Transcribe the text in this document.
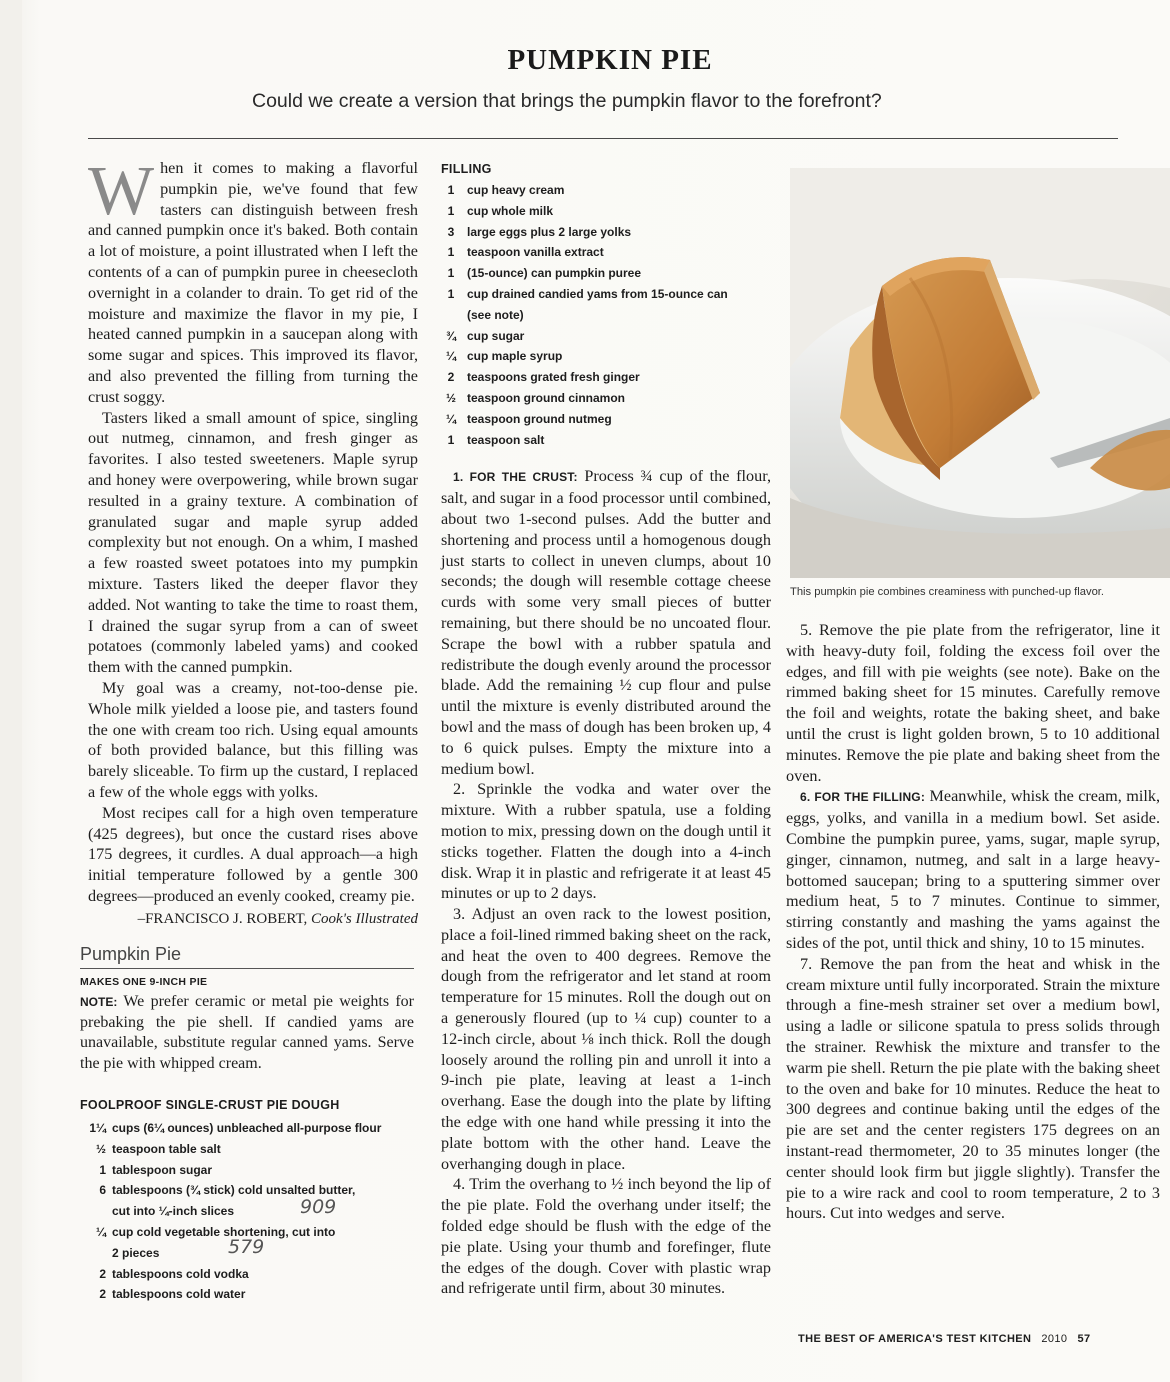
PUMPKIN PIE
Could we create a version that brings the pumpkin flavor to the forefront?

When it comes to making a flavorful pumpkin pie, we've found that few tasters can distinguish between fresh and canned pumpkin once it's baked. Both contain a lot of moisture, a point illustrated when I left the contents of a can of pumpkin puree in cheesecloth overnight in a colander to drain. To get rid of the moisture and maximize the flavor in my pie, I heated canned pumpkin in a saucepan along with some sugar and spices. This improved its flavor, and also prevented the filling from turning the crust soggy.

Tasters liked a small amount of spice, singling out nutmeg, cinnamon, and fresh ginger as favorites. I also tested sweeteners. Maple syrup and honey were overpowering, while brown sugar resulted in a grainy texture. A combination of granulated sugar and maple syrup added complexity but not enough. On a whim, I mashed a few roasted sweet potatoes into my pumpkin mixture. Tasters liked the deeper flavor they added. Not wanting to take the time to roast them, I drained the sugar syrup from a can of sweet potatoes (commonly labeled yams) and cooked them with the canned pumpkin.

My goal was a creamy, not-too-dense pie. Whole milk yielded a loose pie, and tasters found the one with cream too rich. Using equal amounts of both provided balance, but this filling was barely sliceable. To firm up the custard, I replaced a few of the whole eggs with yolks.

Most recipes call for a high oven temperature (425 degrees), but once the custard rises above 175 degrees, it curdles. A dual approach—a high initial temperature followed by a gentle 300 degrees—produced an evenly cooked, creamy pie.

–FRANCISCO J. ROBERT, Cook's Illustrated
Pumpkin Pie
MAKES ONE 9-INCH PIE
NOTE: We prefer ceramic or metal pie weights for prebaking the pie shell. If candied yams are unavailable, substitute regular canned yams. Serve the pie with whipped cream.
FOOLPROOF SINGLE-CRUST PIE DOUGH
1¼ cups (6¼ ounces) unbleached all-purpose flour
½ teaspoon table salt
1 tablespoon sugar
6 tablespoons (¾ stick) cold unsalted butter,
cut into ¼-inch slices
¼ cup cold vegetable shortening, cut into
2 pieces
2 tablespoons cold vodka
2 tablespoons cold water
909
579
FILLING
1	cup heavy cream
1	cup whole milk
3	large eggs plus 2 large yolks
1	teaspoon vanilla extract
1	(15-ounce) can pumpkin puree
1	cup drained candied yams from 15-ounce can
(see note)
¾ cup sugar
¼ cup maple syrup
2	teaspoons grated fresh ginger
½ teaspoon ground cinnamon
¼ teaspoon ground nutmeg
1	teaspoon salt

1. FOR THE CRUST: Process ¾ cup of the flour, salt, and sugar in a food processor until combined, about two 1-second pulses. Add the butter and shortening and process until a homogenous dough just starts to collect in uneven clumps, about 10 seconds; the dough will resemble cottage cheese curds with some very small pieces of butter remaining, but there should be no uncoated flour. Scrape the bowl with a rubber spatula and redistribute the dough evenly around the processor blade. Add the remaining ½ cup flour and pulse until the mixture is evenly distributed around the bowl and the mass of dough has been broken up, 4 to 6 quick pulses. Empty the mixture into a medium bowl.

2. Sprinkle the vodka and water over the mixture. With a rubber spatula, use a folding motion to mix, pressing down on the dough until it sticks together. Flatten the dough into a 4-inch disk. Wrap it in plastic and refrigerate it at least 45 minutes or up to 2 days.

3. Adjust an oven rack to the lowest position, place a foil-lined rimmed baking sheet on the rack, and heat the oven to 400 degrees. Remove the dough from the refrigerator and let stand at room temperature for 15 minutes. Roll the dough out on a generously floured (up to ¼ cup) counter to a 12-inch circle, about ⅛ inch thick. Roll the dough loosely around the rolling pin and unroll it into a 9-inch pie plate, leaving at least a 1-inch overhang. Ease the dough into the plate by lifting the edge with one hand while pressing it into the plate bottom with the other hand. Leave the overhanging dough in place.

4. Trim the overhang to ½ inch beyond the lip of the pie plate. Fold the overhang under itself; the folded edge should be flush with the edge of the pie plate. Using your thumb and forefinger, flute the edges of the dough. Cover with plastic wrap and refrigerate until firm, about 30 minutes.

This pumpkin pie combines creaminess with punched-up flavor.

5. Remove the pie plate from the refrigerator, line it with heavy-duty foil, folding the excess foil over the edges, and fill with pie weights (see note). Bake on the rimmed baking sheet for 15 minutes. Carefully remove the foil and weights, rotate the baking sheet, and bake until the crust is light golden brown, 5 to 10 additional minutes. Remove the pie plate and baking sheet from the oven.

6. FOR THE FILLING: Meanwhile, whisk the cream, milk, eggs, yolks, and vanilla in a medium bowl. Set aside. Combine the pumpkin puree, yams, sugar, maple syrup, ginger, cinnamon, nutmeg, and salt in a large heavy-bottomed saucepan; bring to a sputtering simmer over medium heat, 5 to 7 minutes. Continue to simmer, stirring constantly and mashing the yams against the sides of the pot, until thick and shiny, 10 to 15 minutes.

7. Remove the pan from the heat and whisk in the cream mixture until fully incorporated. Strain the mixture through a fine-mesh strainer set over a medium bowl, using a ladle or silicone spatula to press solids through the strainer. Rewhisk the mixture and transfer to the warm pie shell. Return the pie plate with the baking sheet to the oven and bake for 10 minutes. Reduce the heat to 300 degrees and continue baking until the edges of the pie are set and the center registers 175 degrees on an instant-read thermometer, 20 to 35 minutes longer (the center should look firm but jiggle slightly). Transfer the pie to a wire rack and cool to room temperature, 2 to 3 hours. Cut into wedges and serve.

THE BEST OF AMERICA'S TEST KITCHEN 2010 57
